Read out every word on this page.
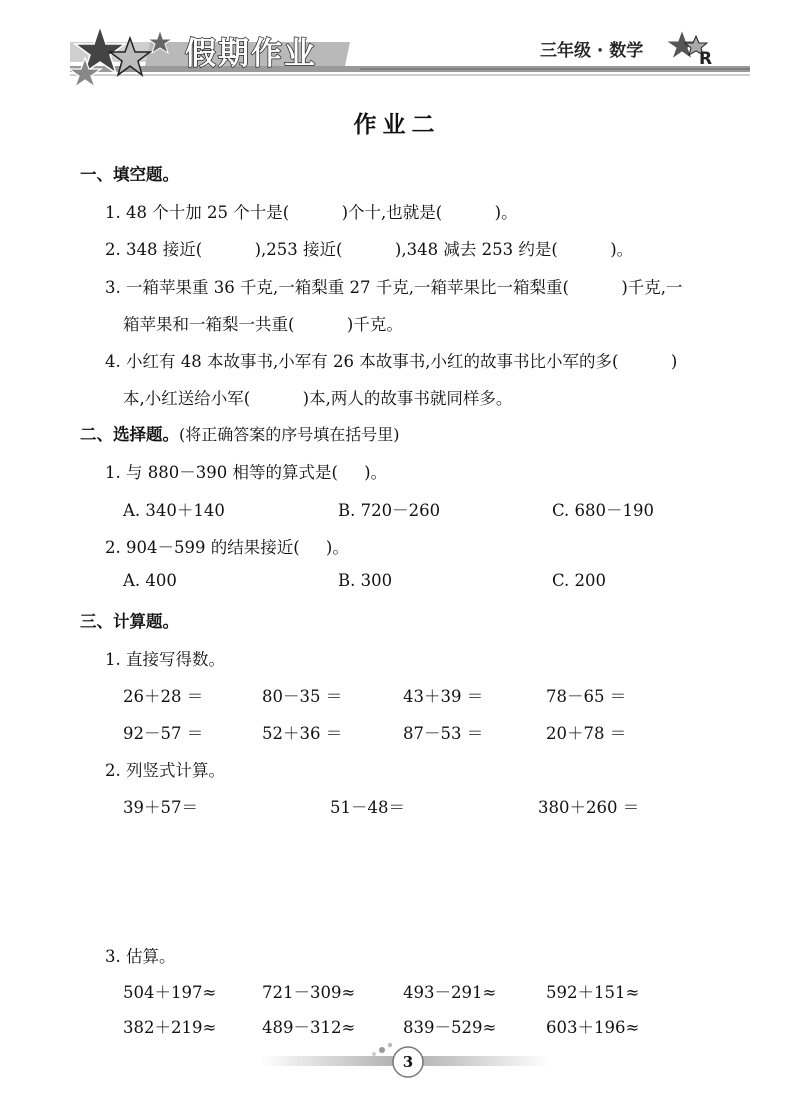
假期作业	三年级 · 数学	R
作业二
一、填空题。
1. 48 个十加 25 个十是(          )个十,也就是(          )。
2. 348 接近(          ),253 接近(          ),348 减去 253 约是(          )。
3. 一箱苹果重 36 千克,一箱梨重 27 千克,一箱苹果比一箱梨重(          )千克,一
箱苹果和一箱梨一共重(          )千克。
4. 小红有 48 本故事书,小军有 26 本故事书,小红的故事书比小军的多(          )
本,小红送给小军(          )本,两人的故事书就同样多。
二、选择题。(将正确答案的序号填在括号里)
1. 与 880－390 相等的算式是(     )。
A. 340＋140	B. 720－260	C. 680－190
2. 904－599 的结果接近(     )。
A. 400	B. 300	C. 200
三、计算题。
1. 直接写得数。
26＋28 ＝	80－35 ＝	43＋39 ＝	78－65 ＝
92－57 ＝	52＋36 ＝	87－53 ＝	20＋78 ＝
2. 列竖式计算。
39＋57＝	51－48＝	380＋260 ＝
3. 估算。
504＋197≈	721－309≈	493－291≈	592＋151≈
382＋219≈	489－312≈	839－529≈	603＋196≈
3
